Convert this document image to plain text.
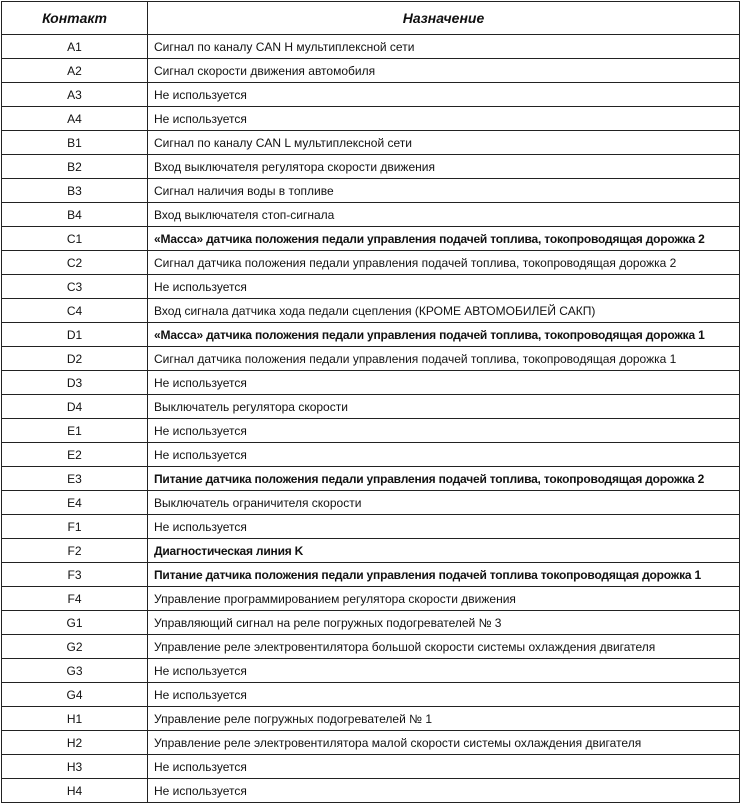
Контакт	Назначение
A1	Сигнал по каналу CAN H мультиплексной сети
A2	Сигнал скорости движения автомобиля
A3	Не используется
A4	Не используется
B1	Сигнал по каналу CAN L мультиплексной сети
B2	Вход выключателя регулятора скорости движения
B3	Сигнал наличия воды в топливе
B4	Вход выключателя стоп-сигнала
C1	«Масса» датчика положения педали управления подачей топлива, токопроводящая дорожка 2
C2	Сигнал датчика положения педали управления подачей топлива, токопроводящая дорожка 2
C3	Не используется
C4	Вход сигнала датчика хода педали сцепления (КРОМЕ АВТОМОБИЛЕЙ САКП)
D1	«Масса» датчика положения педали управления подачей топлива, токопроводящая дорожка 1
D2	Сигнал датчика положения педали управления подачей топлива, токопроводящая дорожка 1
D3	Не используется
D4	Выключатель регулятора скорости
E1	Не используется
E2	Не используется
E3	Питание датчика положения педали управления подачей топлива, токопроводящая дорожка 2
E4	Выключатель ограничителя скорости
F1	Не используется
F2	Диагностическая линия K
F3	Питание датчика положения педали управления подачей топлива токопроводящая дорожка 1
F4	Управление программированием регулятора скорости движения
G1	Управляющий сигнал на реле погружных подогревателей № 3
G2	Управление реле электровентилятора большой скорости системы охлаждения двигателя
G3	Не используется
G4	Не используется
H1	Управление реле погружных подогревателей № 1
H2	Управление реле электровентилятора малой скорости системы охлаждения двигателя
H3	Не используется
H4	Не используется
